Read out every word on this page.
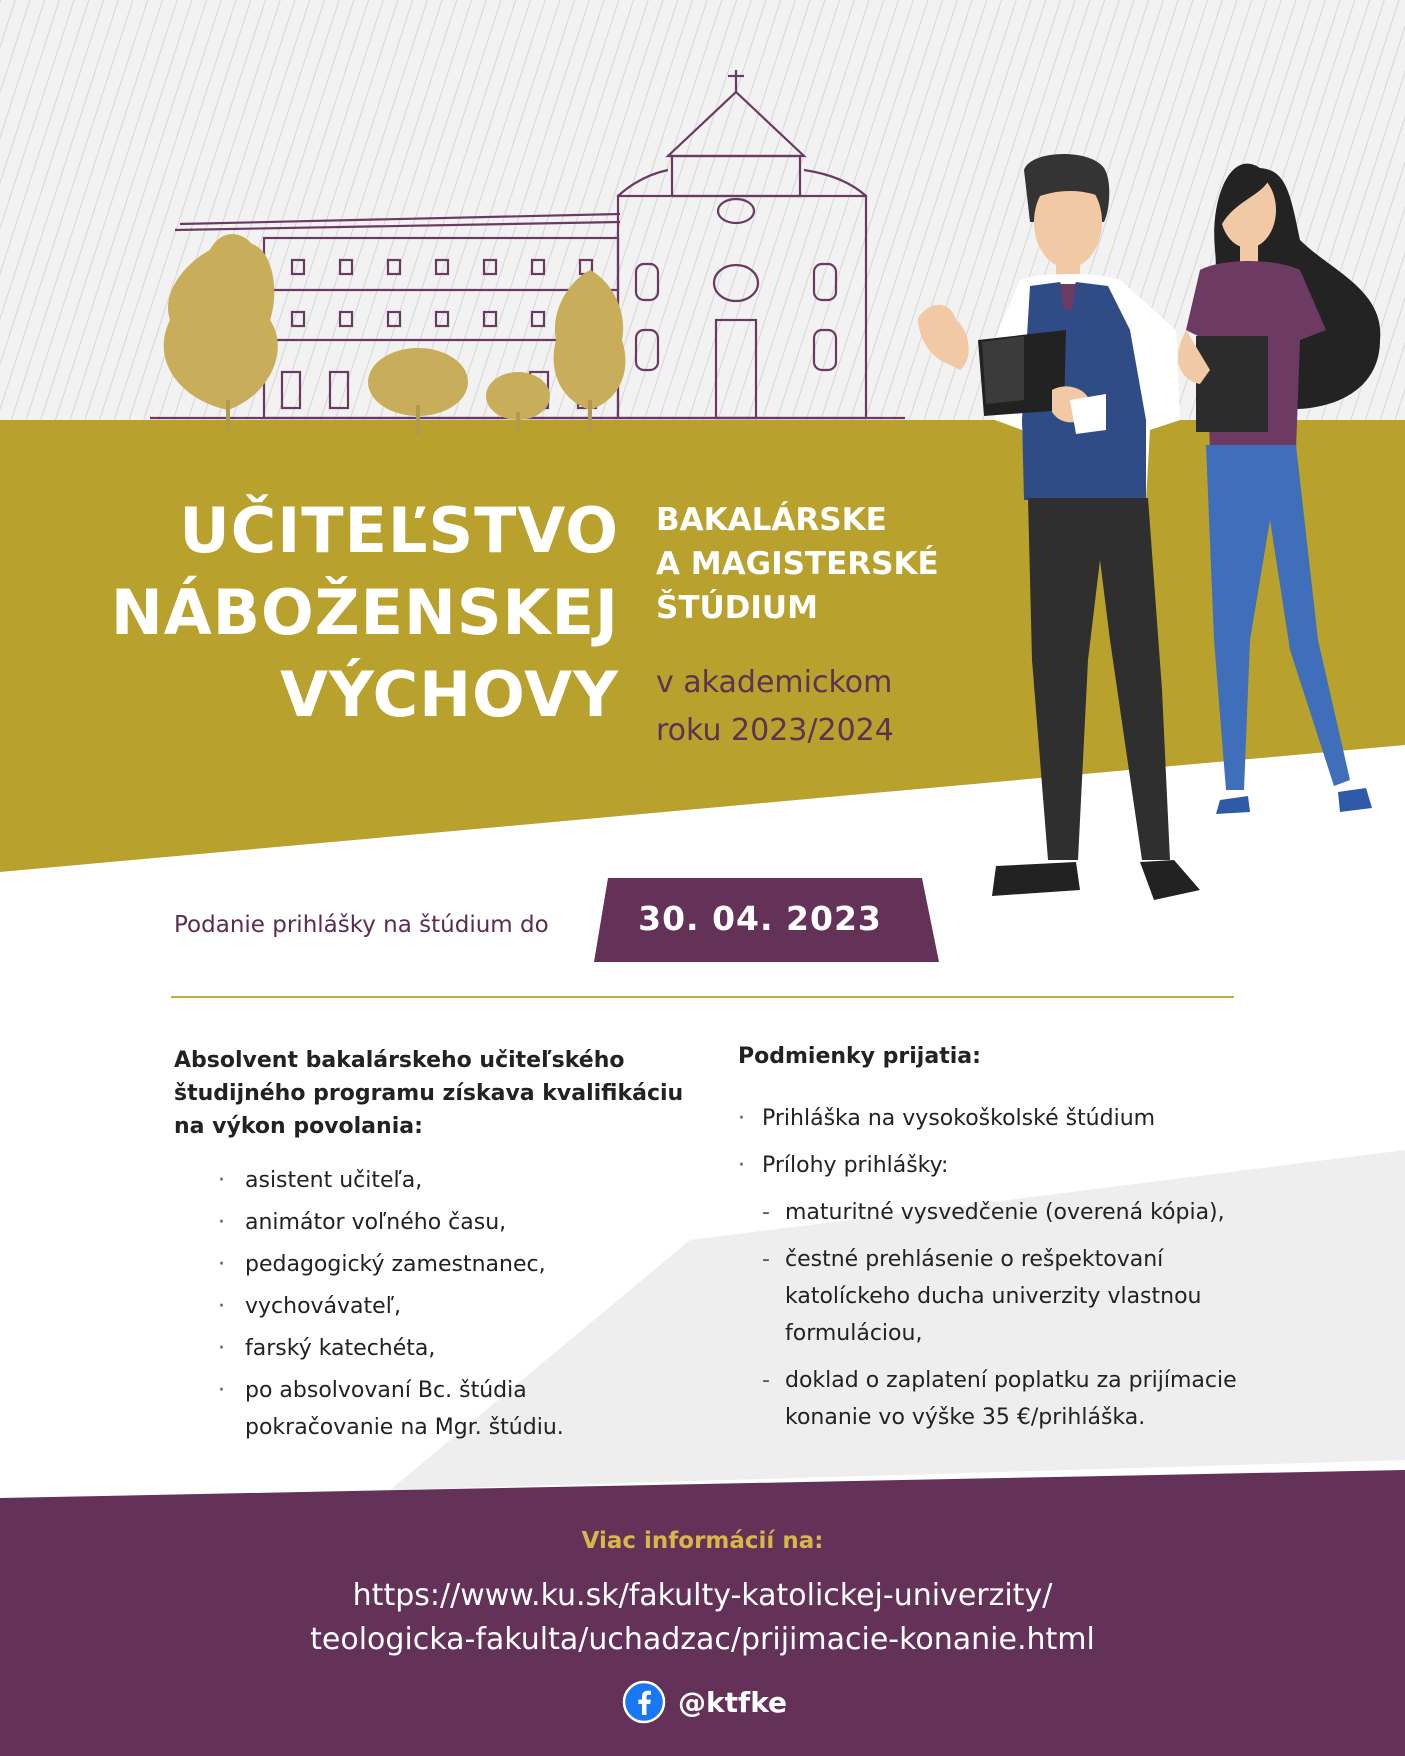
UČITEĽSTVO
NÁBOŽENSKEJ
VÝCHOVY
BAKALÁRSKE
A MAGISTERSKÉ
ŠTÚDIUM
v akademickom
roku 2023/2024
Podanie prihlášky na štúdium do	30. 04. 2023
Absolvent bakalárskeho učiteľského študijného programu získava kvalifikáciu na výkon povolania:
· asistent učiteľa,
· animátor voľného času,
· pedagogický zamestnanec,
· vychovávateľ,
· farský katechéta,
· po absolvovaní Bc. štúdia pokračovanie na Mgr. štúdiu.
Podmienky prijatia:
· Prihláška na vysokoškolské štúdium
· Prílohy prihlášky:
- maturitné vysvedčenie (overená kópia),
- čestné prehlásenie o rešpektovaní katolíckeho ducha univerzity vlastnou formuláciou,
- doklad o zaplatení poplatku za prijímacie konanie vo výške 35 €/prihláška.
Viac informácií na:
https://www.ku.sk/fakulty-katolickej-univerzity/
teologicka-fakulta/uchadzac/prijimacie-konanie.html
@ktfke
